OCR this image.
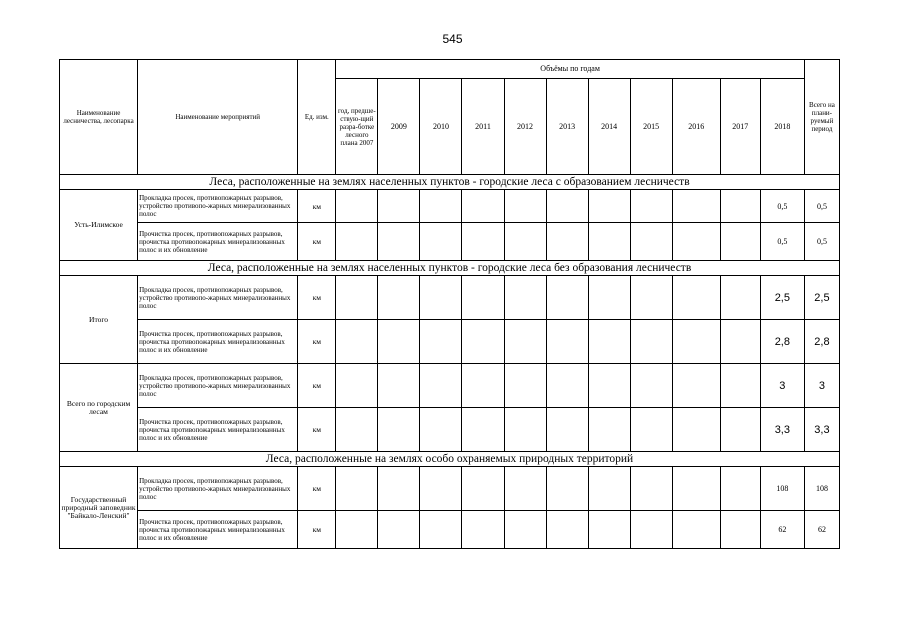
545
Наименование лесничества, лесопарка	Наименование мероприятий	Ед. изм.	Объёмы по годам											Всего на плани-руемый период
			год, предше-ствую-щий разра-ботке лесного плана 2007	2009	2010	2011	2012	2013	2014	2015	2016	2017	2018	
Леса, расположенные на землях населенных пунктов - городские леса с образованием лесничеств														
Усть-Илимское	Прокладка просек, противопожарных разрывов, устройство противопо-жарных минерализованных полос	км											0,5	0,5
	Прочистка просек, противопожарных разрывов, прочистка противопожарных минерализованных полос и их обновление	км											0,5	0,5
Леса, расположенные на землях населенных пунктов - городские леса без образования лесничеств														
Итого	Прокладка просек, противопожарных разрывов, устройство противопо-жарных минерализованных полос	км											2,5	2,5
	Прочистка просек, противопожарных разрывов, прочистка противопожарных минерализованных полос и их обновление	км											2,8	2,8
Всего по городским лесам	Прокладка просек, противопожарных разрывов, устройство противопо-жарных минерализованных полос	км											3	3
	Прочистка просек, противопожарных разрывов, прочистка противопожарных минерализованных полос и их обновление	км											3,3	3,3
Леса, расположенные на землях особо охраняемых природных территорий														
Государственный природный заповедник "Байкало-Ленский"	Прокладка просек, противопожарных разрывов, устройство противопо-жарных минерализованных полос	км											108	108
	Прочистка просек, противопожарных разрывов, прочистка противопожарных минерализованных полос и их обновление	км											62	62
